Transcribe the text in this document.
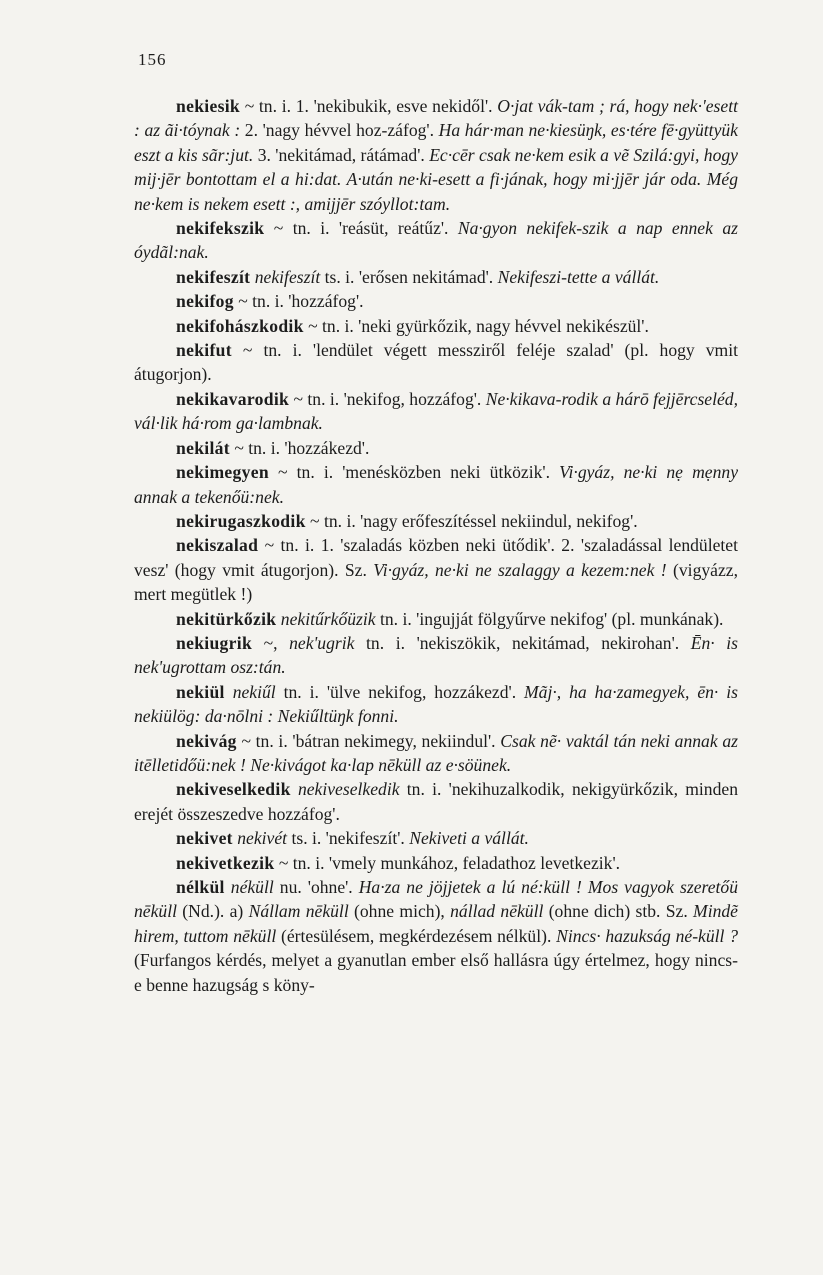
156

nekiesik ~ tn. i. 1. 'nekibukik, esve nekidől'. O·jat vák-tam ; rá, hogy nek·'esett : az ãi·tóynak : 2. 'nagy hévvel hoz-záfog'. Ha hár·man ne·kiesüŋk, es·tére fē·gyüttyük eszt a kis sãr:jut. 3. 'nekitámad, rátámad'. Ec·cēr csak ne·kem esik a vẽ Szilá:gyi, hogy mij·jēr bontottam el a hi:dat. A·után ne·ki-esett a fi·jának, hogy mi·jjēr jár oda. Még ne·kem is nekem esett :, amijjēr szóyllot:tam.

nekifekszik ~ tn. i. 'reásüt, reátűz'. Na·gyon nekifek-szik a nap ennek az óydãl:nak.

nekifeszít nekifeszít ts. i. 'erősen nekitámad'. Nekifeszi-tette a vállát.

nekifog ~ tn. i. 'hozzáfog'.

nekifohászkodik ~ tn. i. 'neki gyürkőzik, nagy hévvel nekikészül'.

nekifut ~ tn. i. 'lendület végett messziről feléje szalad' (pl. hogy vmit átugorjon).

nekikavarodik ~ tn. i. 'nekifog, hozzáfog'. Ne·kikava-rodik a hárō fejjērcseléd, vál·lik há·rom ga·lambnak.

nekilát ~ tn. i. 'hozzákezd'.

nekimegyen ~ tn. i. 'menésközben neki ütközik'. Vi·gyáz, ne·ki nẹ mẹnny annak a tekenőü:nek.

nekirugaszkodik ~ tn. i. 'nagy erőfeszítéssel nekiindul, nekifog'.

nekiszalad ~ tn. i. 1. 'szaladás közben neki ütődik'. 2. 'szaladással lendületet vesz' (hogy vmit átugorjon). Sz. Vi·gyáz, ne·ki ne szalaggy a kezem:nek ! (vigyázz, mert megütlek !)

nekitürkőzik nekitűrkőüzik tn. i. 'ingujját fölgyűrve nekifog' (pl. munkának).

nekiugrik ~, nek'ugrik tn. i. 'nekiszökik, nekitámad, nekirohan'. Ēn· is nek'ugrottam osz:tán.

nekiül nekiűl tn. i. 'ülve nekifog, hozzákezd'. Mãj·, ha ha·zamegyek, ēn· is nekiülög: da·nōlni : Nekiűltüŋk fonni.

nekivág ~ tn. i. 'bátran nekimegy, nekiindul'. Csak nẽ· vaktál tán neki annak az itēlletidőü:nek ! Ne·kivágot ka·lap nēküll az e·söünek.

nekiveselkedik nekiveselkedik tn. i. 'nekihuzalkodik, nekigyürkőzik, minden erejét összeszedve hozzáfog'.

nekivet nekivét ts. i. 'nekifeszít'. Nekiveti a vállát.

nekivetkezik ~ tn. i. 'vmely munkához, feladathoz levetkezik'.

nélkül néküll nu. 'ohne'. Ha·za ne jöjjetek a lú né:küll ! Mos vagyok szeretőü nēküll (Nd.). a) Nállam nēküll (ohne mich), nállad nēküll (ohne dich) stb. Sz. Mindẽ hirem, tuttom nēküll (értesülésem, megkérdezésem nélkül). Nincs· hazukság né-küll ? (Furfangos kérdés, melyet a gyanutlan ember első hallásra úgy értelmez, hogy nincs-e benne hazugság s köny-
